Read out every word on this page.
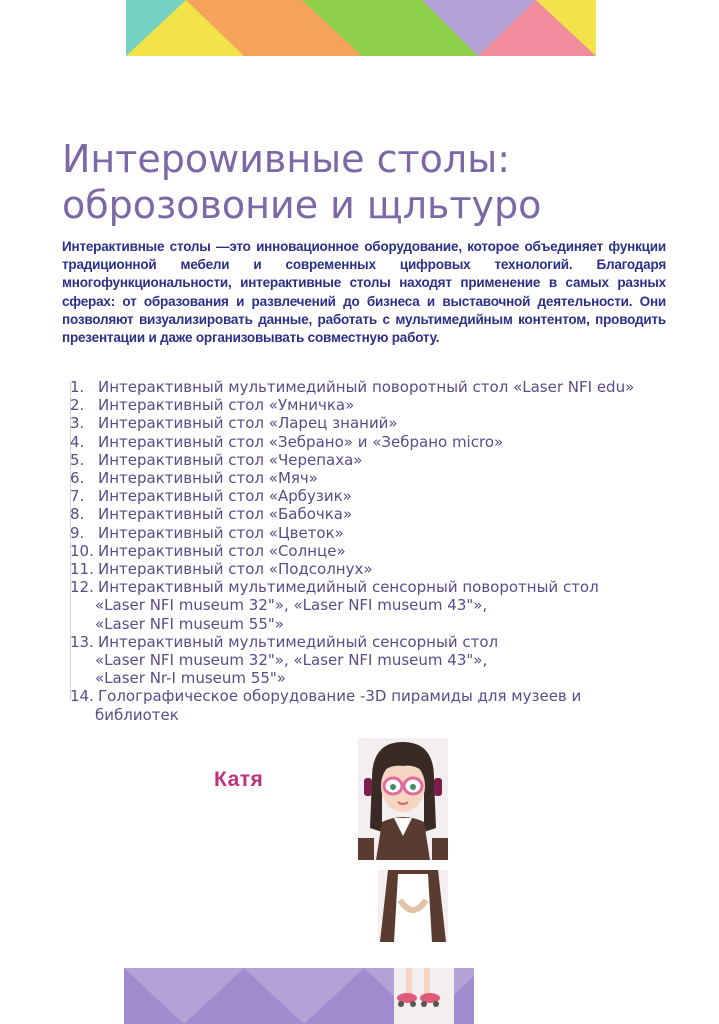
Интероwивные столы:
оброзовоние и щльтуро

Интерактивные столы —это инновационное оборудование, которое объединяет функции традиционной мебели и современных цифровых технологий. Благодаря многофункциональности, интерактивные столы находят применение в самых разных сферах: от образования и развлечений до бизнеса и выставочной деятельности. Они позволяют визуализировать данные, работать с мультимедийным контентом, проводить презентации и даже организовывать совместную работу.

1. Интерактивный мультимедийный поворотный стол «Laser NFI edu»
2. Интерактивный стол «Умничка»
3. Интерактивный стол «Ларец знаний»
4. Интерактивный стол «Зебрано» и «Зебрано micro»
5. Интерактивный стол «Черепаха»
6. Интерактивный стол «Мяч»
7. Интерактивный стол «Арбузик»
8. Интерактивный стол «Бабочка»
9. Интерактивный стол «Цветок»
10. Интерактивный стол «Солнце»
11. Интерактивный стол «Подсолнух»
12. Интерактивный мультимедийный сенсорный поворотный стол
«Laser NFI museum 32"», «Laser NFI museum 43"»,
«Laser NFI museum 55"»
13. Интерактивный мультимедийный сенсорный стол
«Laser NFI museum 32"», «Laser NFI museum 43"»,
«Laser Nr-I museum 55"»
14. Голографическое оборудование -3D пирамиды для музеев и
библиотек
Катя
